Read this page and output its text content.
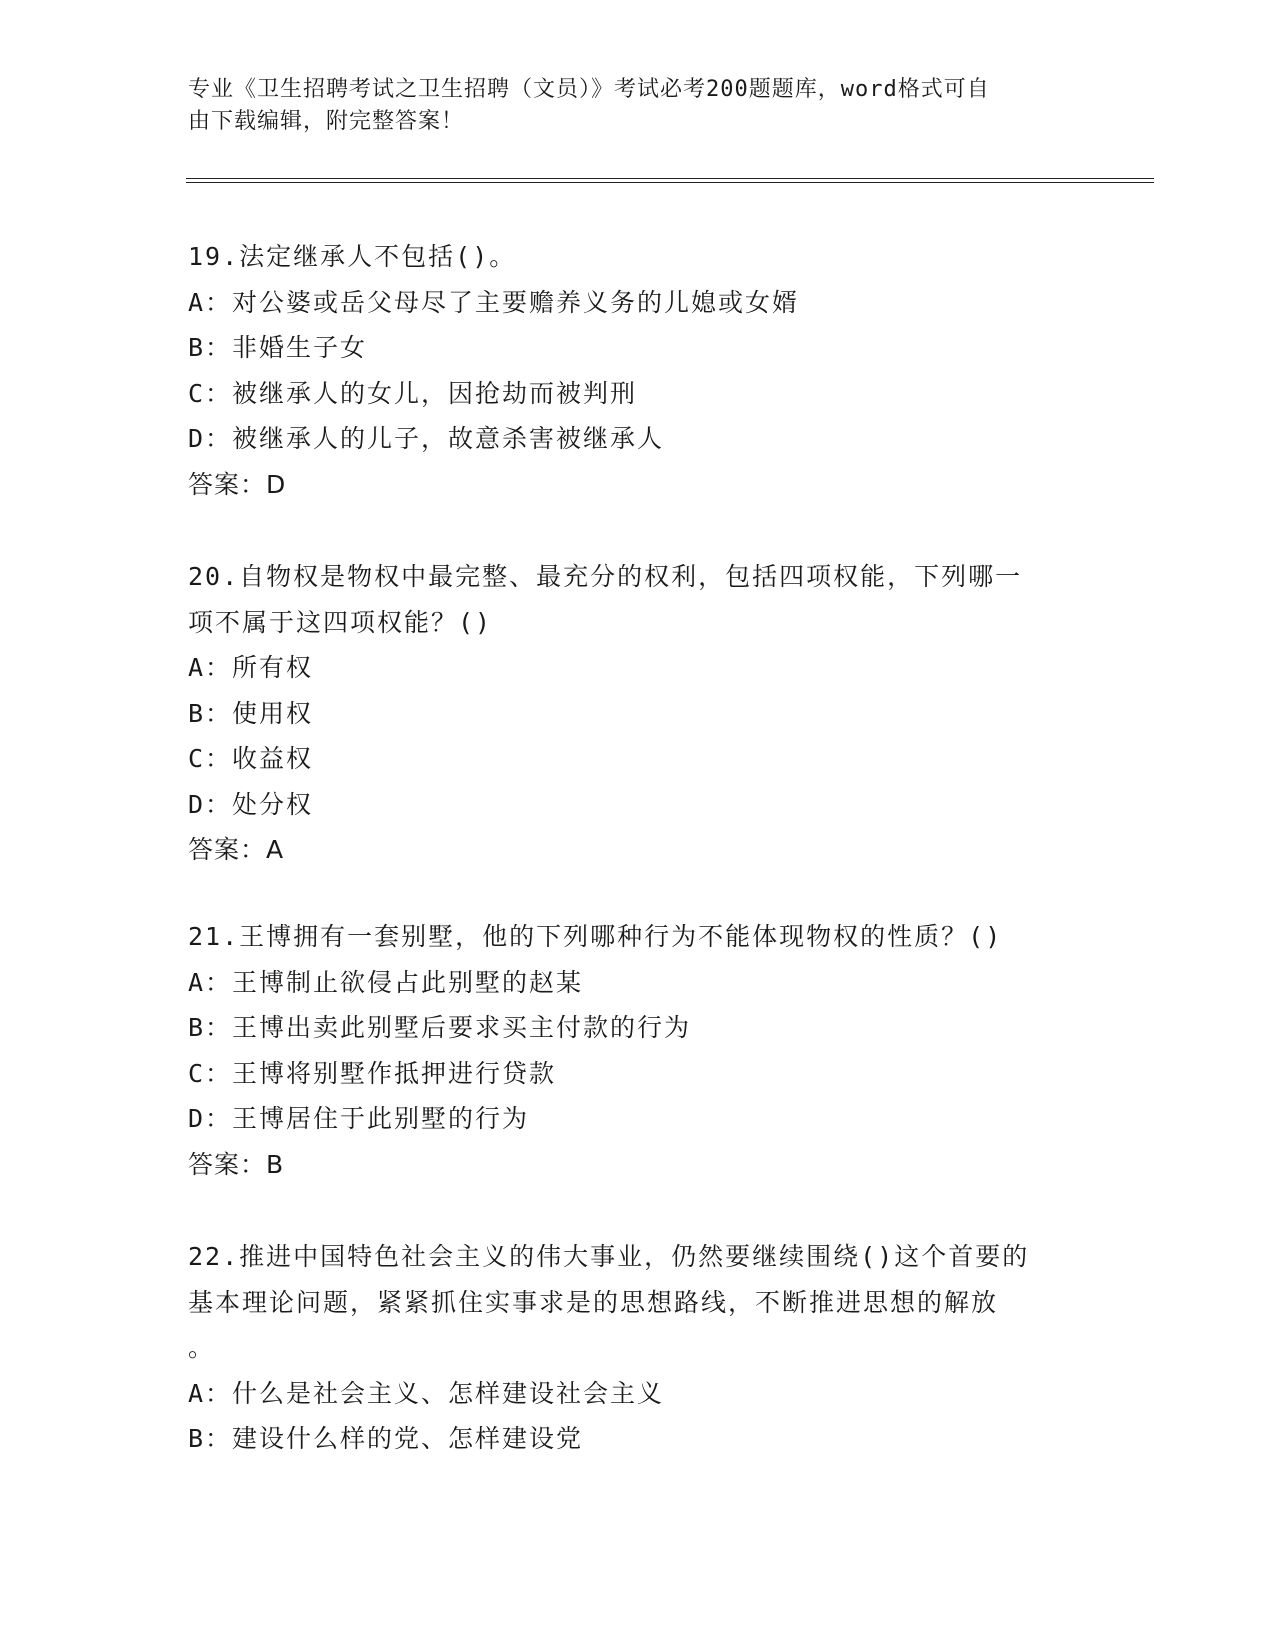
专业《卫生招聘考试之卫生招聘（文员）》考试必考200题题库，word格式可自
由下载编辑，附完整答案！

19.法定继承人不包括()。

A：对公婆或岳父母尽了主要赡养义务的儿媳或女婿

B：非婚生子女

C：被继承人的女儿，因抢劫而被判刑

D：被继承人的儿子，故意杀害被继承人

答案：D

20.自物权是物权中最完整、最充分的权利，包括四项权能，下列哪一

项不属于这四项权能？()

A：所有权

B：使用权

C：收益权

D：处分权

答案：A

21.王博拥有一套别墅，他的下列哪种行为不能体现物权的性质？()

A：王博制止欲侵占此别墅的赵某

B：王博出卖此别墅后要求买主付款的行为

C：王博将别墅作抵押进行贷款

D：王博居住于此别墅的行为

答案：B

22.推进中国特色社会主义的伟大事业，仍然要继续围绕()这个首要的

基本理论问题，紧紧抓住实事求是的思想路线，不断推进思想的解放

。

A：什么是社会主义、怎样建设社会主义

B：建设什么样的党、怎样建设党
